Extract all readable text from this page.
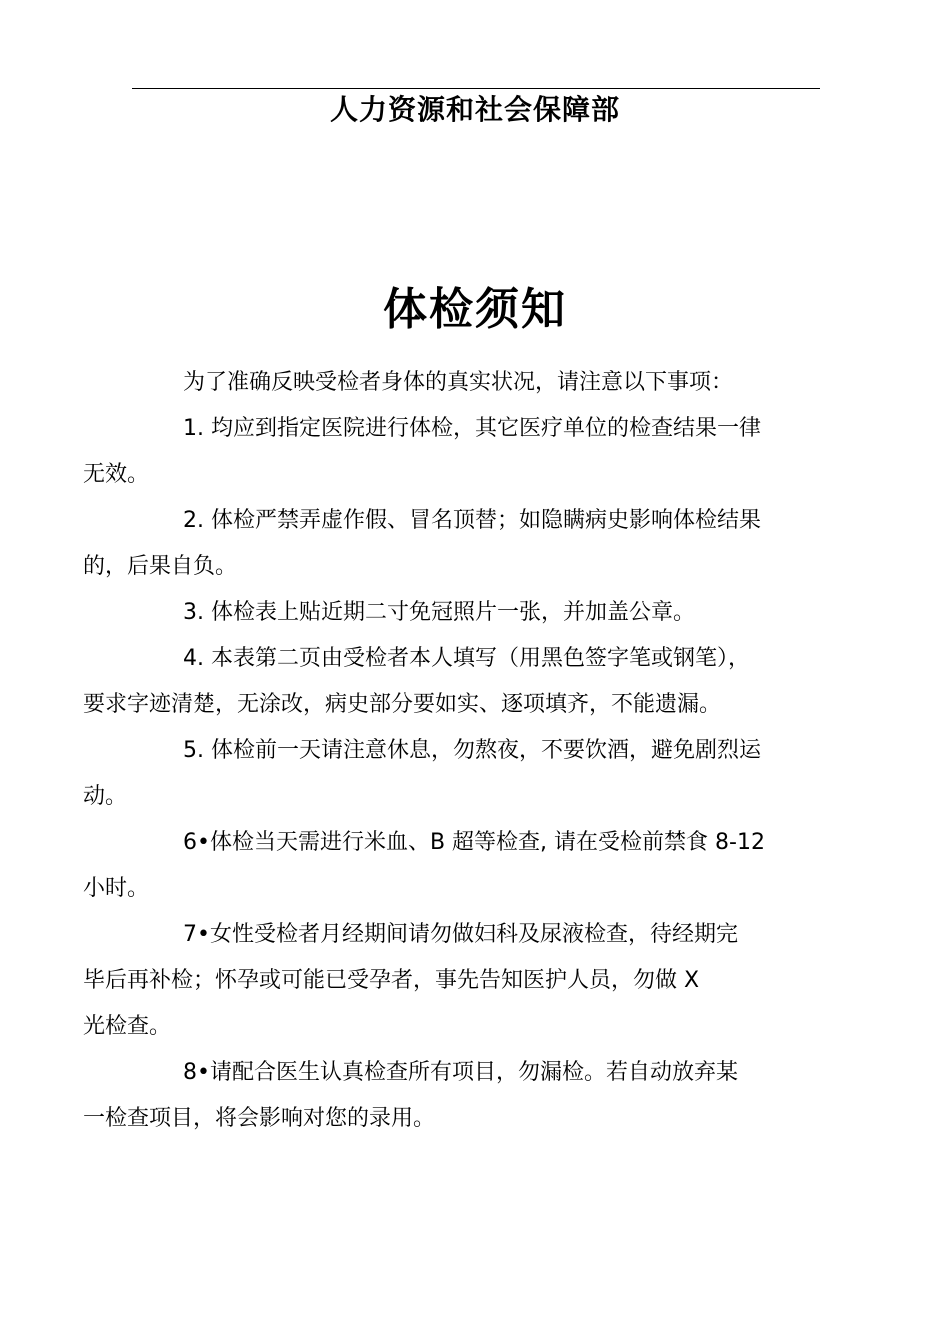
人力资源和社会保障部
体检须知

为了准确反映受检者身体的真实状况，请注意以下事项：

1. 均应到指定医院进行体检，其它医疗单位的检查结果一律
无效。

2. 体检严禁弄虚作假、冒名顶替；如隐瞒病史影响体检结果
的，后果自负。

3. 体检表上贴近期二寸免冠照片一张，并加盖公章。

4. 本表第二页由受检者本人填写（用黑色签字笔或钢笔），
要求字迹清楚，无涂改，病史部分要如实、逐项填齐，不能遗漏。

5. 体检前一天请注意休息，勿熬夜，不要饮酒，避免剧烈运
动。

6•体检当天需进行米血、B 超等检查, 请在受检前禁食 8-12
小时。

7•女性受检者月经期间请勿做妇科及尿液检查，待经期完
毕后再补检；怀孕或可能已受孕者，事先告知医护人员，勿做 X
光检查。

8•请配合医生认真检查所有项目，勿漏检。若自动放弃某
一检查项目，将会影响对您的录用。
